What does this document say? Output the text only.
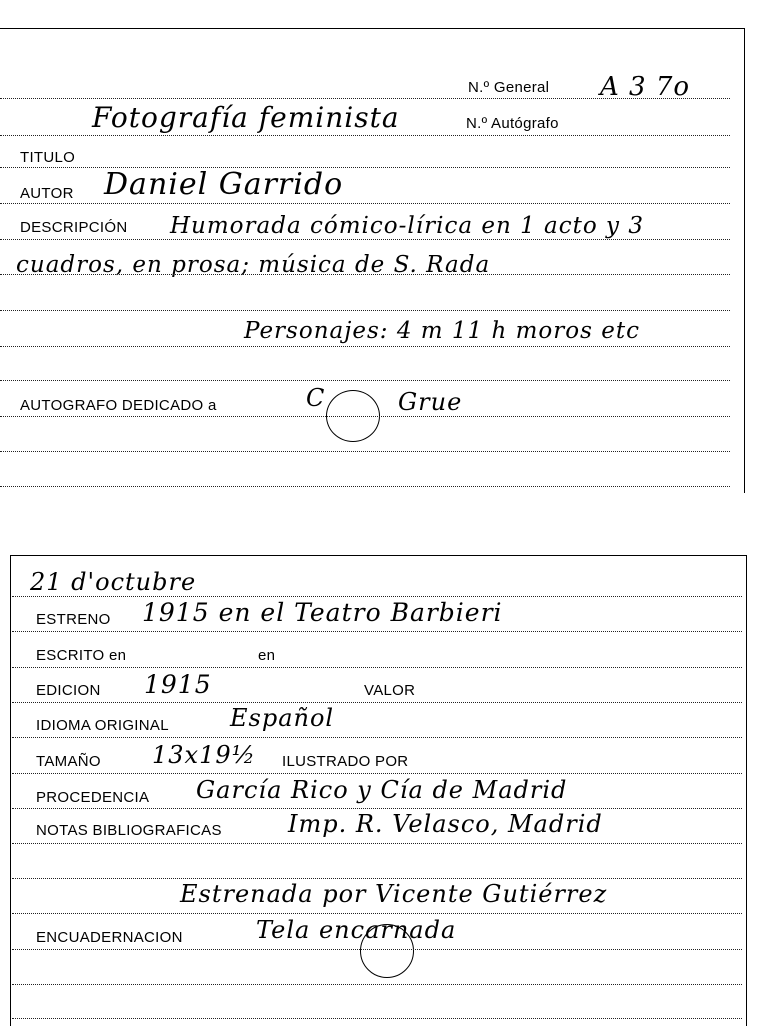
N.º General A 3 7o
Fotografía feminista	N.º Autógrafo
TITULO
AUTOR Daniel Garrido
DESCRIPCIÓN Humorada cómico-lírica en 1 acto y 3
cuadros, en prosa; música de S. Rada
Personajes: 4 m 11 h moros etc
AUTOGRAFO DEDICADO a	C	Grue
21 d'octubre
ESTRENO 1915 en el Teatro Barbieri
ESCRITO en	en
EDICION 1915	VALOR
IDIOMA ORIGINAL	Español
TAMAÑO 13x19½ ILUSTRADO POR
PROCEDENCIA García Rico y Cía de Madrid
NOTAS BIBLIOGRAFICAS	Imp. R. Velasco, Madrid
Estrenada por Vicente Gutiérrez
ENCUADERNACION	Tela encarnada
